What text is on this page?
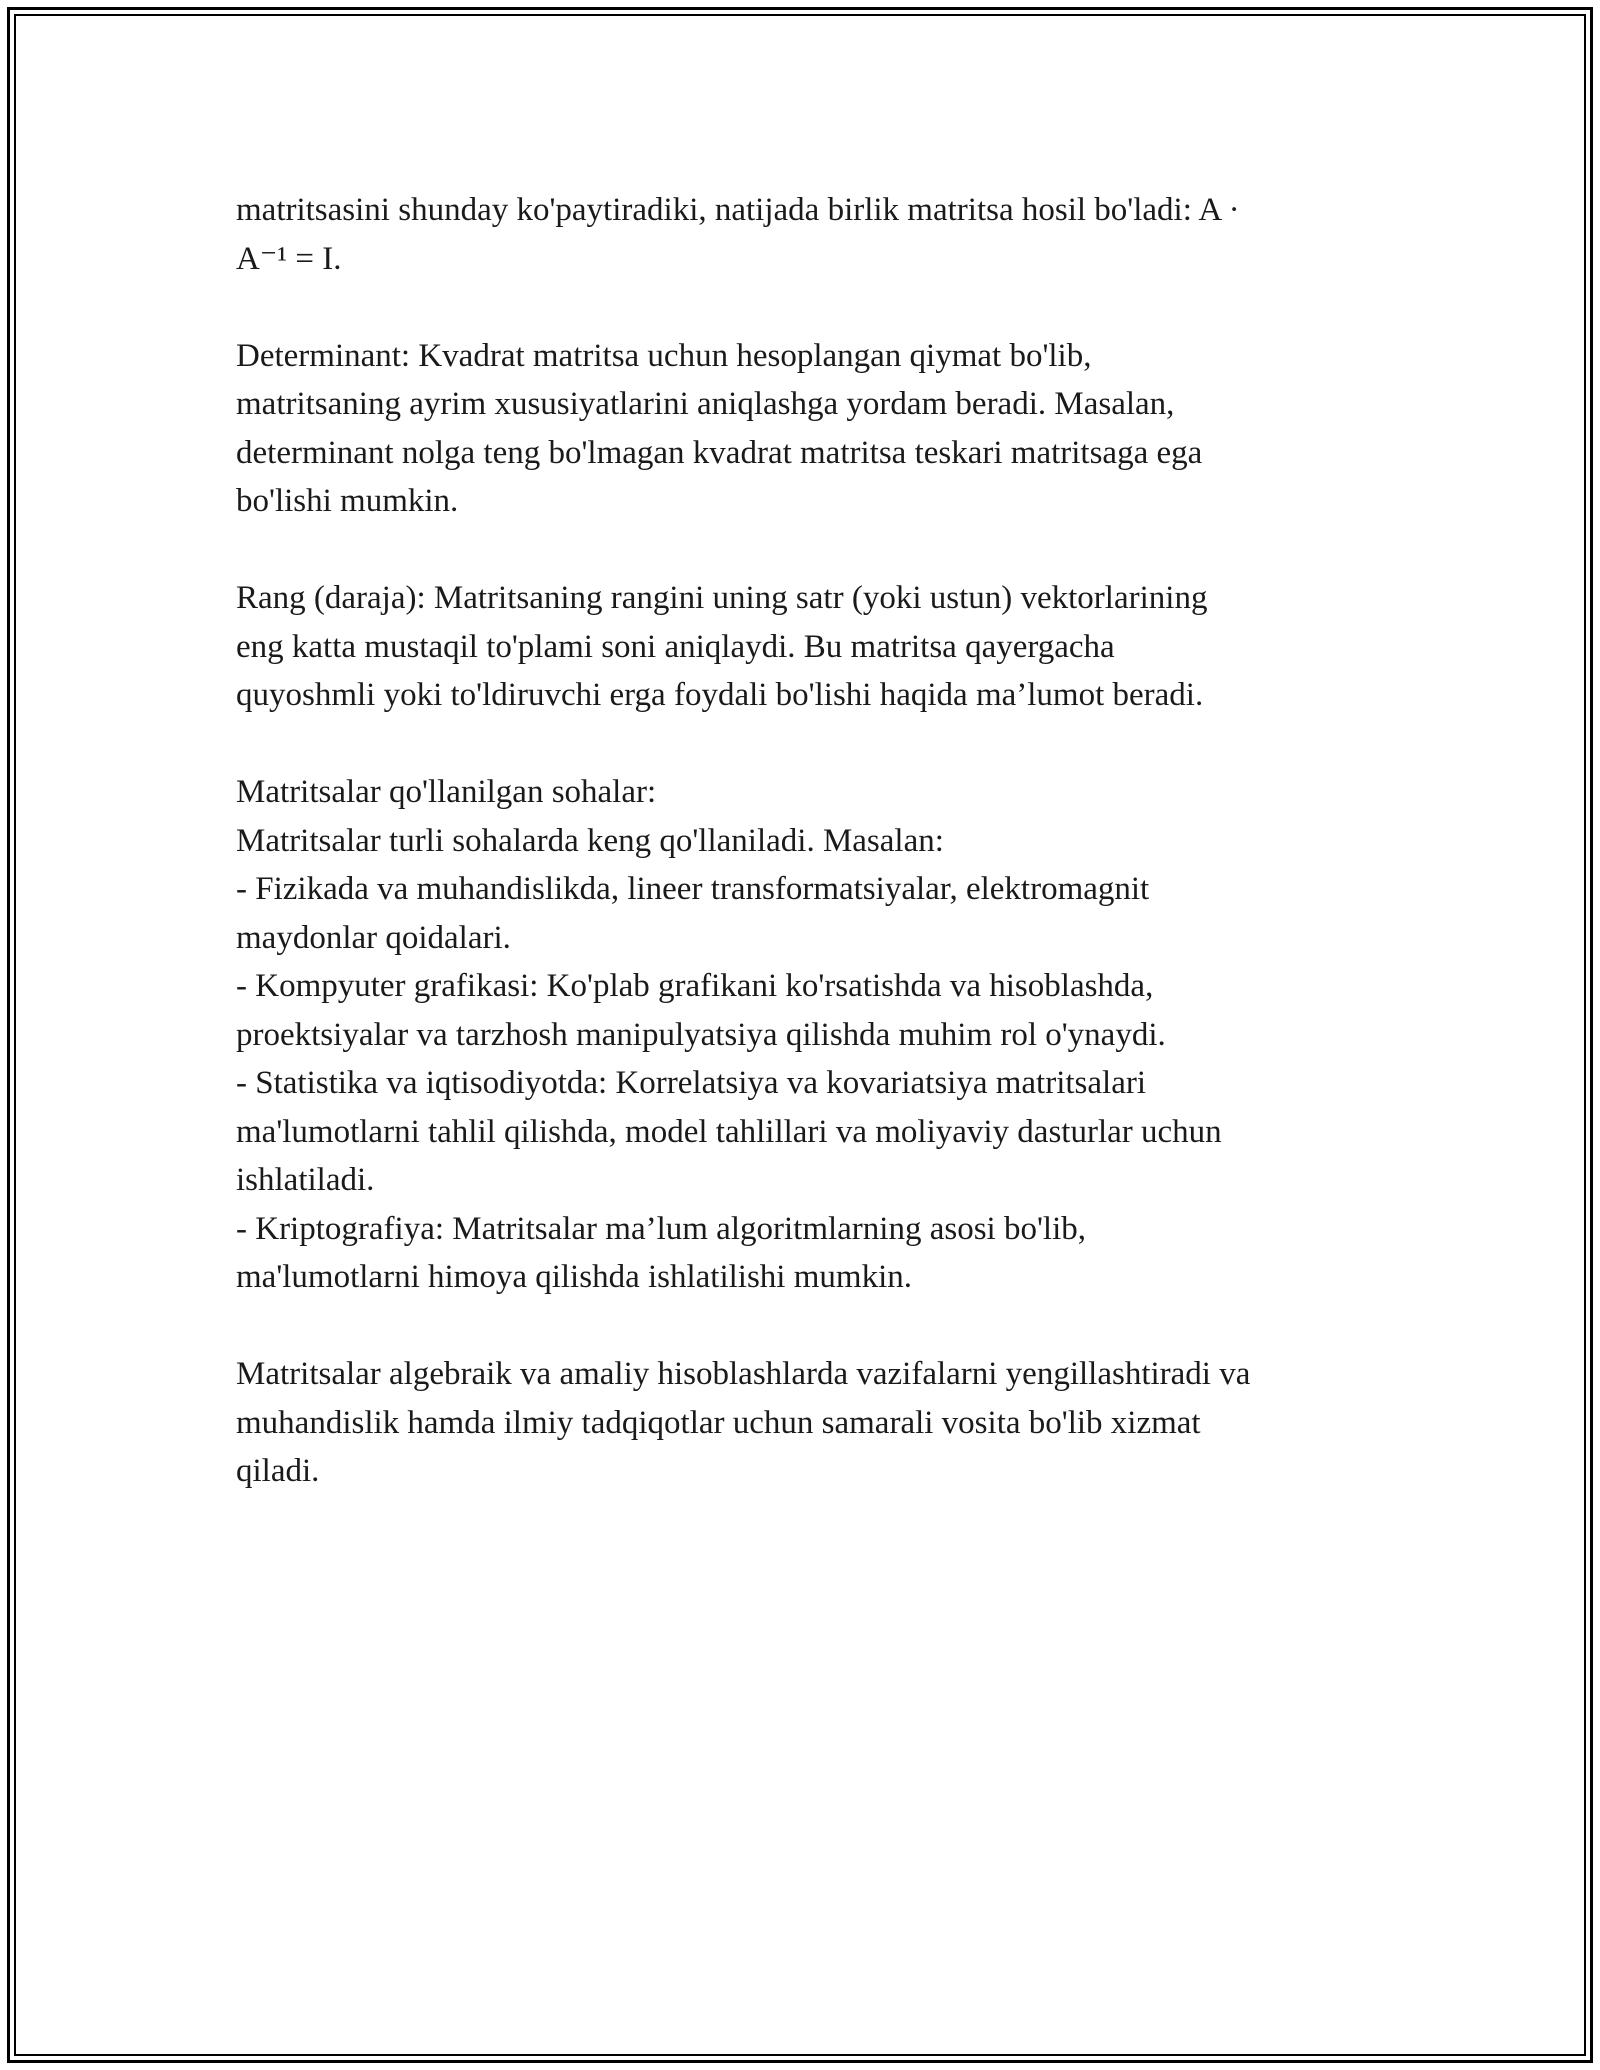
matritsasini shunday ko'paytiradiki, natijada birlik matritsa hosil bo'ladi: A ·
A⁻¹ = I.
Determinant: Kvadrat matritsa uchun hesoplangan qiymat bo'lib,
matritsaning ayrim xususiyatlarini aniqlashga yordam beradi. Masalan,
determinant nolga teng bo'lmagan kvadrat matritsa teskari matritsaga ega
bo'lishi mumkin.
Rang (daraja): Matritsaning rangini uning satr (yoki ustun) vektorlarining
eng katta mustaqil to'plami soni aniqlaydi. Bu matritsa qayergacha
quyoshmli yoki to'ldiruvchi erga foydali bo'lishi haqida ma’lumot beradi.
Matritsalar qo'llanilgan sohalar:
Matritsalar turli sohalarda keng qo'llaniladi. Masalan:
- Fizikada va muhandislikda, lineer transformatsiyalar, elektromagnit
maydonlar qoidalari.
- Kompyuter grafikasi: Ko'plab grafikani ko'rsatishda va hisoblashda,
proektsiyalar va tarzhosh manipulyatsiya qilishda muhim rol o'ynaydi.
- Statistika va iqtisodiyotda: Korrelatsiya va kovariatsiya matritsalari
ma'lumotlarni tahlil qilishda, model tahlillari va moliyaviy dasturlar uchun
ishlatiladi.
- Kriptografiya: Matritsalar ma’lum algoritmlarning asosi bo'lib,
ma'lumotlarni himoya qilishda ishlatilishi mumkin.
Matritsalar algebraik va amaliy hisoblashlarda vazifalarni yengillashtiradi va
muhandislik hamda ilmiy tadqiqotlar uchun samarali vosita bo'lib xizmat
qiladi.
